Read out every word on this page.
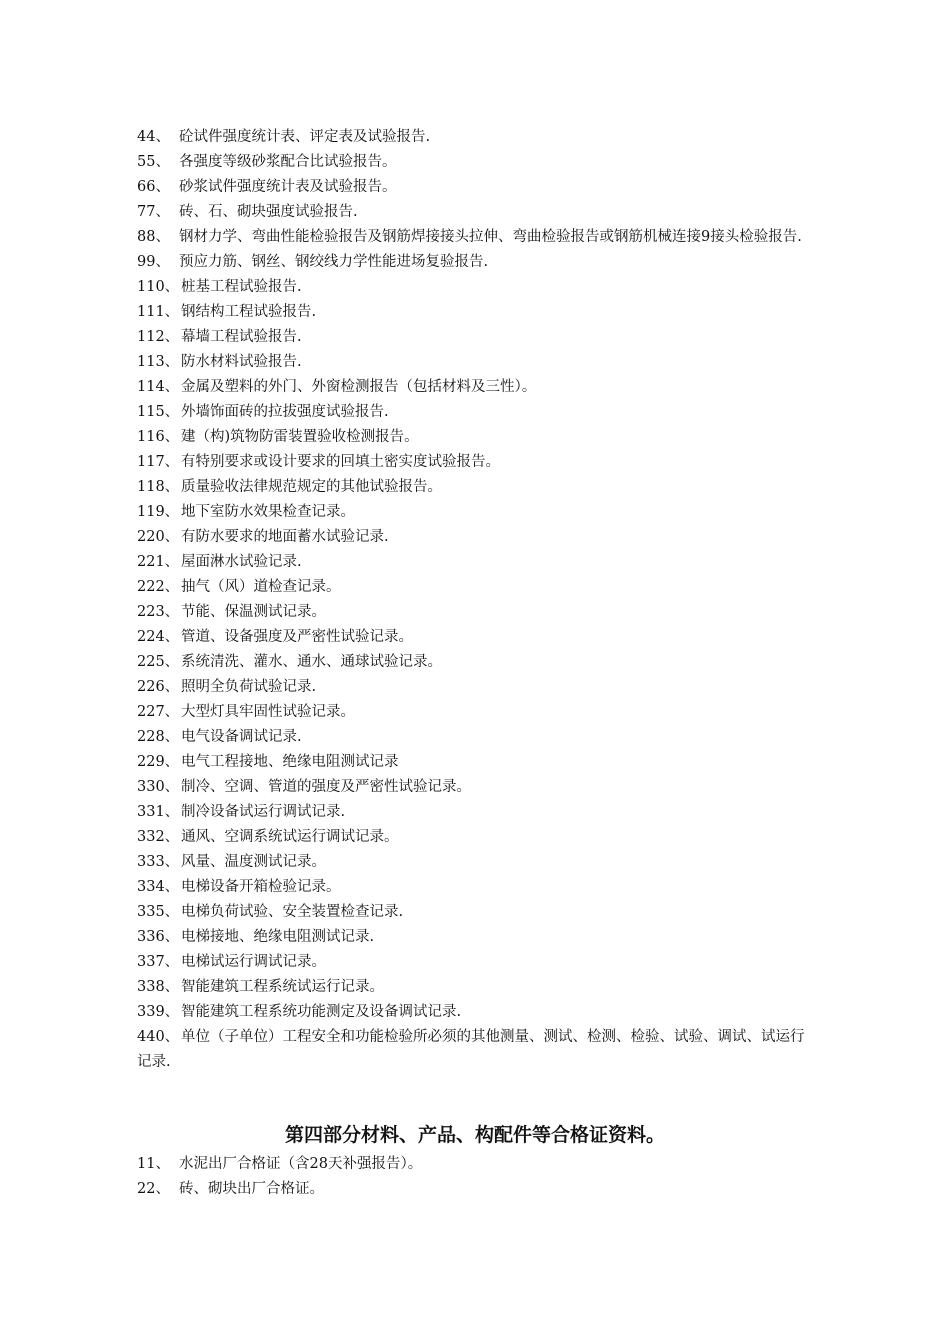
44、 砼试件强度统计表、评定表及试验报告.
55、 各强度等级砂浆配合比试验报告。
66、 砂浆试件强度统计表及试验报告。
77、 砖、石、砌块强度试验报告.
88、 钢材力学、弯曲性能检验报告及钢筋焊接接头拉伸、弯曲检验报告或钢筋机械连接9接头检验报告.
99、 预应力筋、钢丝、钢绞线力学性能进场复验报告.
110、 桩基工程试验报告.
111、 钢结构工程试验报告.
112、 幕墙工程试验报告.
113、 防水材料试验报告.
114、 金属及塑料的外门、外窗检测报告（包括材料及三性）。
115、 外墙饰面砖的拉拔强度试验报告.
116、 建（构)筑物防雷装置验收检测报告。
117、 有特别要求或设计要求的回填土密实度试验报告。
118、 质量验收法律规范规定的其他试验报告。
119、 地下室防水效果检查记录。
220、 有防水要求的地面蓄水试验记录.
221、 屋面淋水试验记录.
222、 抽气（风）道检查记录。
223、 节能、保温测试记录。
224、 管道、设备强度及严密性试验记录。
225、 系统清洗、灌水、通水、通球试验记录。
226、 照明全负荷试验记录.
227、 大型灯具牢固性试验记录。
228、 电气设备调试记录.
229、 电气工程接地、绝缘电阻测试记录
330、 制冷、空调、管道的强度及严密性试验记录。
331、 制冷设备试运行调试记录.
332、 通风、空调系统试运行调试记录。
333、 风量、温度测试记录。
334、 电梯设备开箱检验记录。
335、 电梯负荷试验、安全装置检查记录.
336、 电梯接地、绝缘电阻测试记录.
337、 电梯试运行调试记录。
338、 智能建筑工程系统试运行记录。
339、 智能建筑工程系统功能测定及设备调试记录.
440、 单位（子单位）工程安全和功能检验所必须的其他测量、测试、检测、检验、试验、调试、试运行记录.
第四部分材料、产品、构配件等合格证资料。
11、 水泥出厂合格证（含28天补强报告）。
22、 砖、砌块出厂合格证。
